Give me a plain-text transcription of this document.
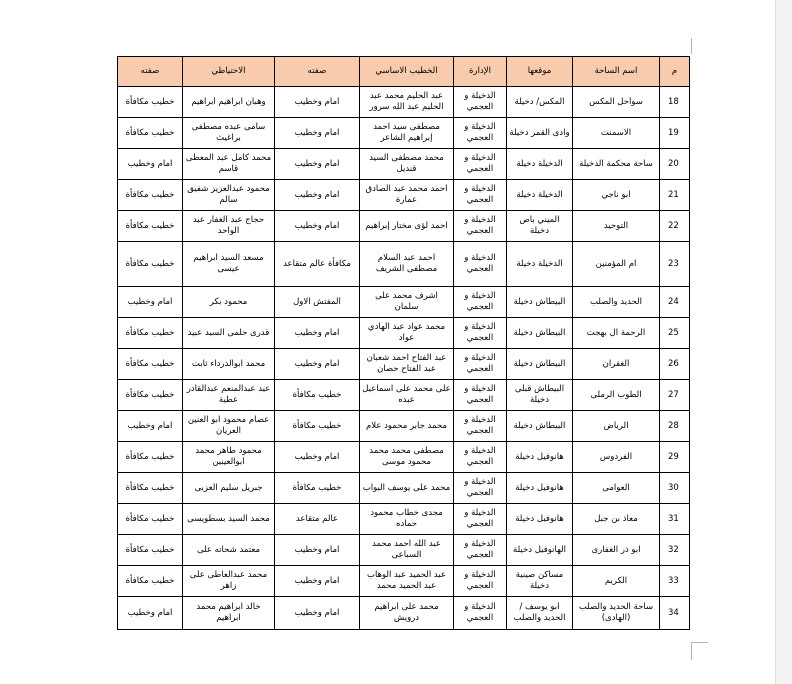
م	اسم الساحة	موقعها	الإدارة	الخطيب الاساسي	صفته	الاحتياطي	صفته
18	سواحل المكس	المكس/ دخيلة	الدخيلة و العجمي	عبد الحليم محمد عبد الحليم عبد الله سرور	امام وخطيب	وهبان ابراهيم ابراهيم	خطيب مكافأة
19	الاسمنت	وادى القمر دخيلة	الدخيلة و العجمي	مصطفى سيد احمد إبراهيم الشاعر	امام وخطيب	سامى عبده مصطفى براغيث	خطيب مكافأة
20	ساحة محكمة الدخيلة	الدخيلة دخيلة	الدخيلة و العجمي	محمد مصطفى السيد قنديل	امام وخطيب	محمد كامل عبد المعطى قاسم	امام وخطيب
21	ابو ناجي	الدخيلة دخيلة	الدخيلة و العجمي	احمد محمد عبد الصادق عمارة	امام وخطيب	محمود عبدالعزيز شفيق سالم	خطيب مكافأة
22	التوحيد	الميني باص دخيلة	الدخيلة و العجمي	احمد لؤى مختار إبراهيم	امام وخطيب	حجاج عبد الغفار عبد الواحد	خطيب مكافأة
23	ام المؤمنين	الدخيلة دخيلة	الدخيلة و العجمي	احمد عبد السلام مصطفى الشريف	مكافأة عالم متقاعد	مسعد السيد ابراهيم عيسى	خطيب مكافأة
24	الحديد والصلب	البيطاش دخيلة	الدخيلة و العجمي	اشرف محمد على سلمان	المفتش الاول	محمود بكر	امام وخطيب
25	الرحمة ال بهجت	البيطاش دخيلة	الدخيلة و العجمي	محمد عواد عبد الهادي عواد	امام وخطيب	قدرى حلمى السيد عبيد	خطيب مكافأة
26	الغفران	البيطاش دخيلة	الدخيلة و العجمي	عبد الفتاح احمد شعبان عبد الفتاح حصان	امام وخطيب	محمد ابوالدرداء ثابت	خطيب مكافأة
27	الطوب الرملى	البيطاش قبلى دخيلة	الدخيلة و العجمي	على محمد على اسماعيل عبده	خطيب مكافأة	عيد عبدالمنعم عبدالقادر عطية	خطيب مكافأة
28	الرياض	البيطاش دخيلة	الدخيلة و العجمي	محمد جابر محمود علام	خطيب مكافأة	عصام محمود ابو العنين العريان	امام وخطيب
29	الفردوس	هانوفيل دخيلة	الدخيلة و العجمي	مصطفى محمد محمد محمود موسى	امام وخطيب	محمود طاهر محمد ابوالعينين	خطيب مكافأة
30	العوامى	هانوفيل دخيلة	الدخيلة و العجمي	محمد على يوسف البواب	خطيب مكافأة	جبريل سليم العزبى	خطيب مكافأة
31	معاذ بن جبل	هانوفيل دخيلة	الدخيلة و العجمي	مجدى خطاب محمود حماده	عالم متقاعد	محمد السيد بسطويسى	خطيب مكافأة
32	ابو ذر الغفارى	الهانوفيل دخيلة	الدخيلة و العجمي	عبد الله احمد محمد السباعى	امام وخطيب	معتمد شحاته على	خطيب مكافأة
33	الكريم	مساكن صينية دخيلة	الدخيلة و العجمي	عبد الحميد عبد الوهاب عبد الحميد محمد	امام وخطيب	محمد عبدالعاطى على زاهر	خطيب مكافأة
34	ساحة الحديد والصلب (الهادى)	ابو يوسف /الحديد والصلب	الدخيلة و العجمي	محمد على ابراهيم درويش	امام وخطيب	خالد ابراهيم محمد ابراهيم	امام وخطيب
